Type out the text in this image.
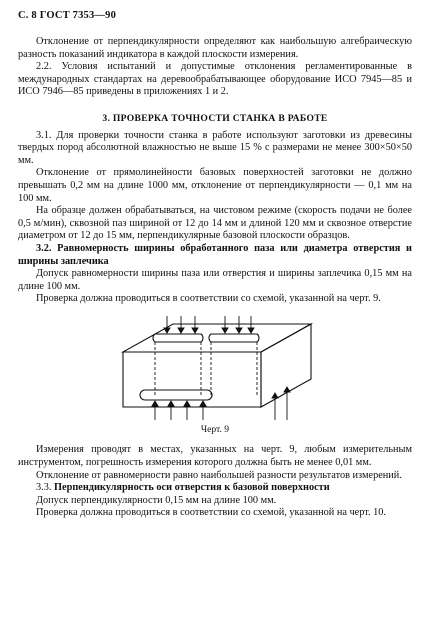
С. 8 ГОСТ 7353—90

Отклонение от перпендикулярности определяют как наибольшую алгебраическую разность показаний индикатора в каждой плоскости измерения.

2.2. Условия испытаний и допустимые отклонения регламентированные в международных стандартах на деревообрабатывающее оборудование ИСО 7945—85 и ИСО 7946—85 приведены в приложениях 1 и 2.

3. ПРОВЕРКА ТОЧНОСТИ СТАНКА В РАБОТЕ

3.1. Для проверки точности станка в работе используют заготовки из древесины твердых пород абсолютной влажностью не выше 15 % с размерами не менее 300×50×50 мм.

Отклонение от прямолинейности базовых поверхностей заготовки не должно превышать 0,2 мм на длине 1000 мм, отклонение от перпендикулярности — 0,1 мм на 100 мм.

На образце должен обрабатываться, на чистовом режиме (скорость подачи не более 0,5 м/мин), сквозной паз шириной от 12 до 14 мм и длиной 120 мм и сквозное отверстие диаметром от 12 до 15 мм, перпендикулярные базовой плоскости образцов.

3.2. Равномерность ширины обработанного паза или диаметра отверстия и ширины заплечика

Допуск равномерности ширины паза или отверстия и ширины заплечика 0,15 мм на длине 100 мм.

Проверка должна проводиться в соответствии со схемой, указанной на черт. 9.

Черт. 9

Измерения проводят в местах, указанных на черт. 9, любым измерительным инструментом, погрешность измерения которого должна быть не менее 0,01 мм.

Отклонение от равномерности равно наибольшей разности результатов измерений.

3.3. Перпендикулярность оси отверстия к базовой поверхности

Допуск перпендикулярности 0,15 мм на длине 100 мм.

Проверка должна проводиться в соответствии со схемой, указанной на черт. 10.
